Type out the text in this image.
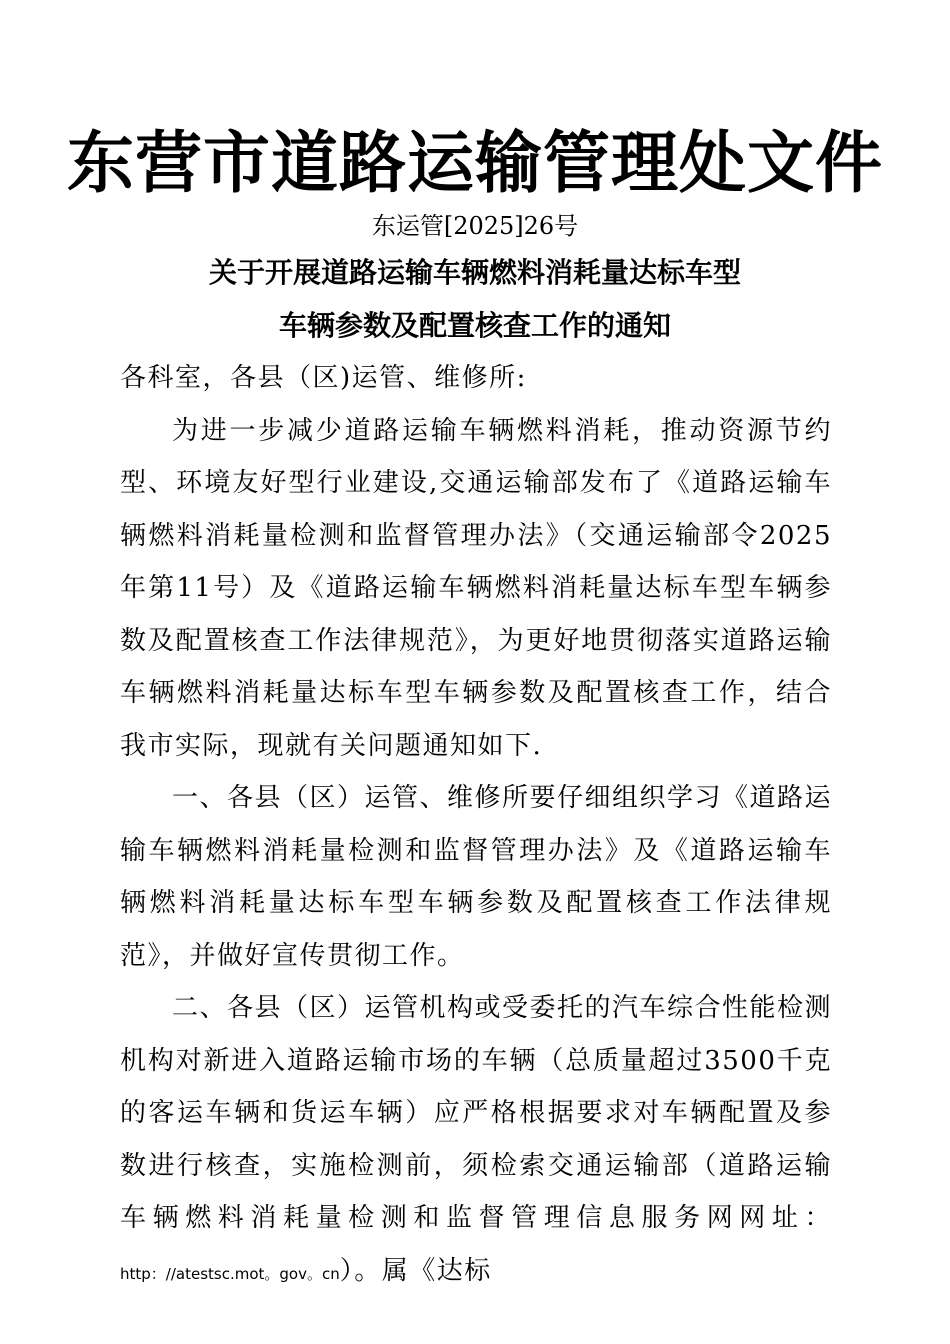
东营市道路运输管理处文件
东运管[2025]26号
关于开展道路运输车辆燃料消耗量达标车型
车辆参数及配置核查工作的通知

各科室，各县（区)运管、维修所:

为进一步减少道路运输车辆燃料消耗，推动资源节约型、环境友好型行业建设,交通运输部发布了《道路运输车辆燃料消耗量检测和监督管理办法》（交通运输部令2025年第11号）及《道路运输车辆燃料消耗量达标车型车辆参数及配置核查工作法律规范》，为更好地贯彻落实道路运输车辆燃料消耗量达标车型车辆参数及配置核查工作，结合我市实际，现就有关问题通知如下.

一、各县（区）运管、维修所要仔细组织学习《道路运输车辆燃料消耗量检测和监督管理办法》及《道路运输车辆燃料消耗量达标车型车辆参数及配置核查工作法律规范》，并做好宣传贯彻工作。

二、各县（区）运管机构或受委托的汽车综合性能检测机构对新进入道路运输市场的车辆（总质量超过3500千克的客运车辆和货运车辆）应严格根据要求对车辆配置及参数进行核查，实施检测前，须检索交通运输部（道路运输车辆燃料消耗量检测和监督管理信息服务网网址：http：//atestsc.mot。gov。cn）。属《达标
